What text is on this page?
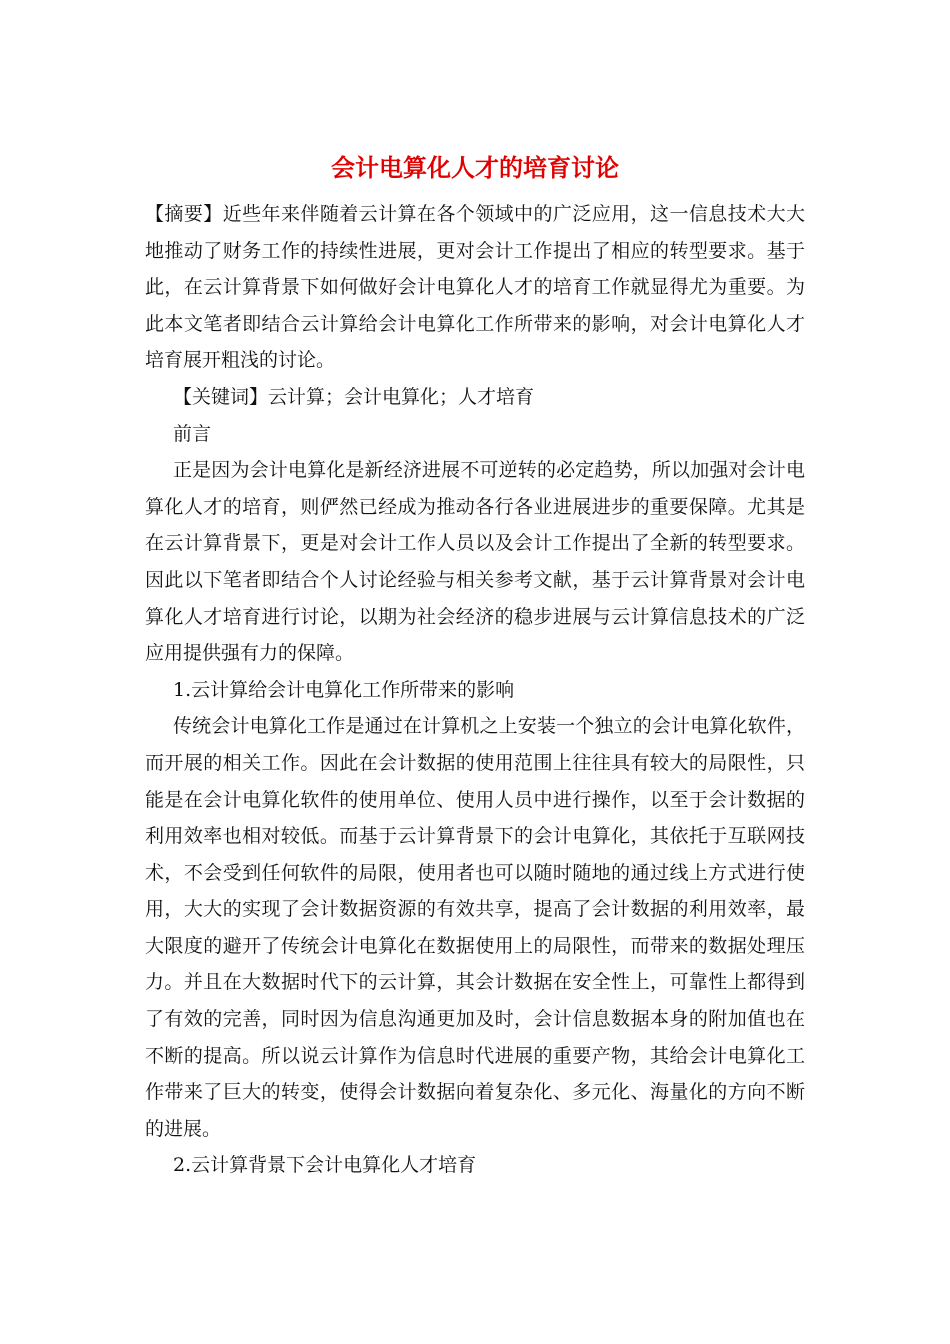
会计电算化人才的培育讨论

【摘要】近些年来伴随着云计算在各个领域中的广泛应用，这一信息技术大大地推动了财务工作的持续性进展，更对会计工作提出了相应的转型要求。基于此，在云计算背景下如何做好会计电算化人才的培育工作就显得尤为重要。为此本文笔者即结合云计算给会计电算化工作所带来的影响，对会计电算化人才培育展开粗浅的讨论。

【关键词】云计算；会计电算化；人才培育

前言

正是因为会计电算化是新经济进展不可逆转的必定趋势，所以加强对会计电算化人才的培育，则俨然已经成为推动各行各业进展进步的重要保障。尤其是在云计算背景下，更是对会计工作人员以及会计工作提出了全新的转型要求。因此以下笔者即结合个人讨论经验与相关参考文献，基于云计算背景对会计电算化人才培育进行讨论，以期为社会经济的稳步进展与云计算信息技术的广泛应用提供强有力的保障。

1.云计算给会计电算化工作所带来的影响

传统会计电算化工作是通过在计算机之上安装一个独立的会计电算化软件，而开展的相关工作。因此在会计数据的使用范围上往往具有较大的局限性，只能是在会计电算化软件的使用单位、使用人员中进行操作，以至于会计数据的利用效率也相对较低。而基于云计算背景下的会计电算化，其依托于互联网技术，不会受到任何软件的局限，使用者也可以随时随地的通过线上方式进行使用，大大的实现了会计数据资源的有效共享，提高了会计数据的利用效率，最大限度的避开了传统会计电算化在数据使用上的局限性，而带来的数据处理压力。并且在大数据时代下的云计算，其会计数据在安全性上，可靠性上都得到了有效的完善，同时因为信息沟通更加及时，会计信息数据本身的附加值也在不断的提高。所以说云计算作为信息时代进展的重要产物，其给会计电算化工作带来了巨大的转变，使得会计数据向着复杂化、多元化、海量化的方向不断的进展。

2.云计算背景下会计电算化人才培育
